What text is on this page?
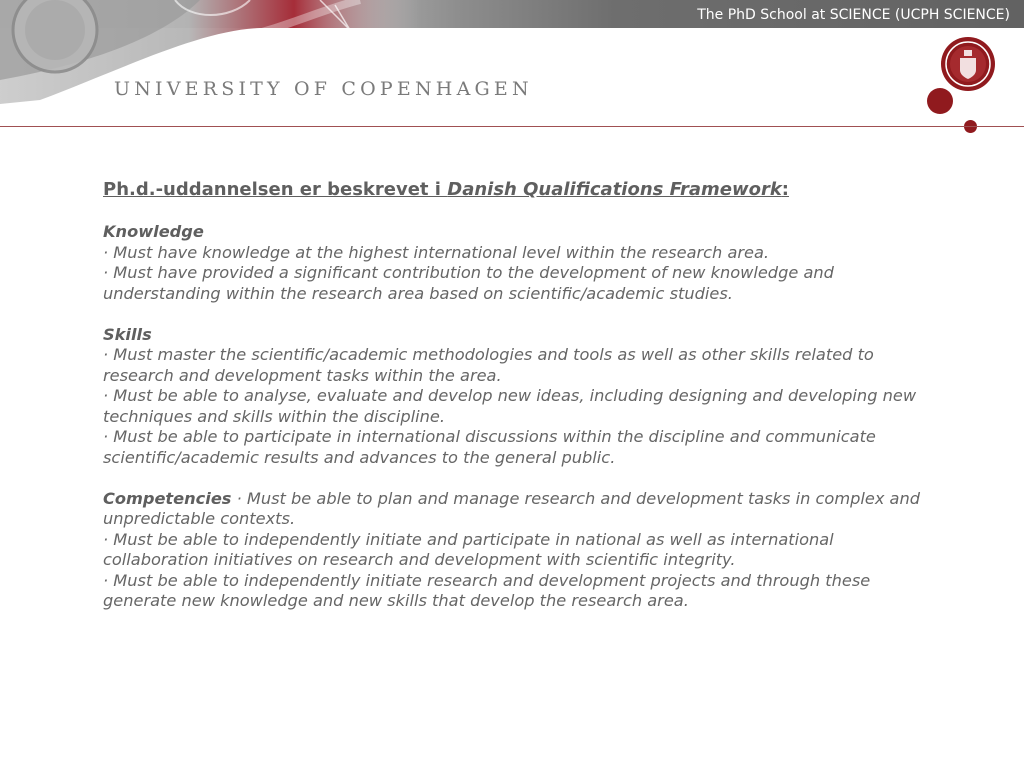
The PhD School at SCIENCE (UCPH SCIENCE)
UNIVERSITY OF COPENHAGEN
Ph.d.-uddannelsen er beskrevet i Danish Qualifications Framework:
Knowledge
· Must have knowledge at the highest international level within the research area.
· Must have provided a significant contribution to the development of new knowledge and understanding within the research area based on scientific/academic studies.
Skills
· Must master the scientific/academic methodologies and tools as well as other skills related to research and development tasks within the area.
· Must be able to analyse, evaluate and develop new ideas, including designing and developing new techniques and skills within the discipline.
· Must be able to participate in international discussions within the discipline and communicate scientific/academic results and advances to the general public.
Competencies · Must be able to plan and manage research and development tasks in complex and unpredictable contexts.
· Must be able to independently initiate and participate in national as well as international collaboration initiatives on research and development with scientific integrity.
· Must be able to independently initiate research and development projects and through these generate new knowledge and new skills that develop the research area.
